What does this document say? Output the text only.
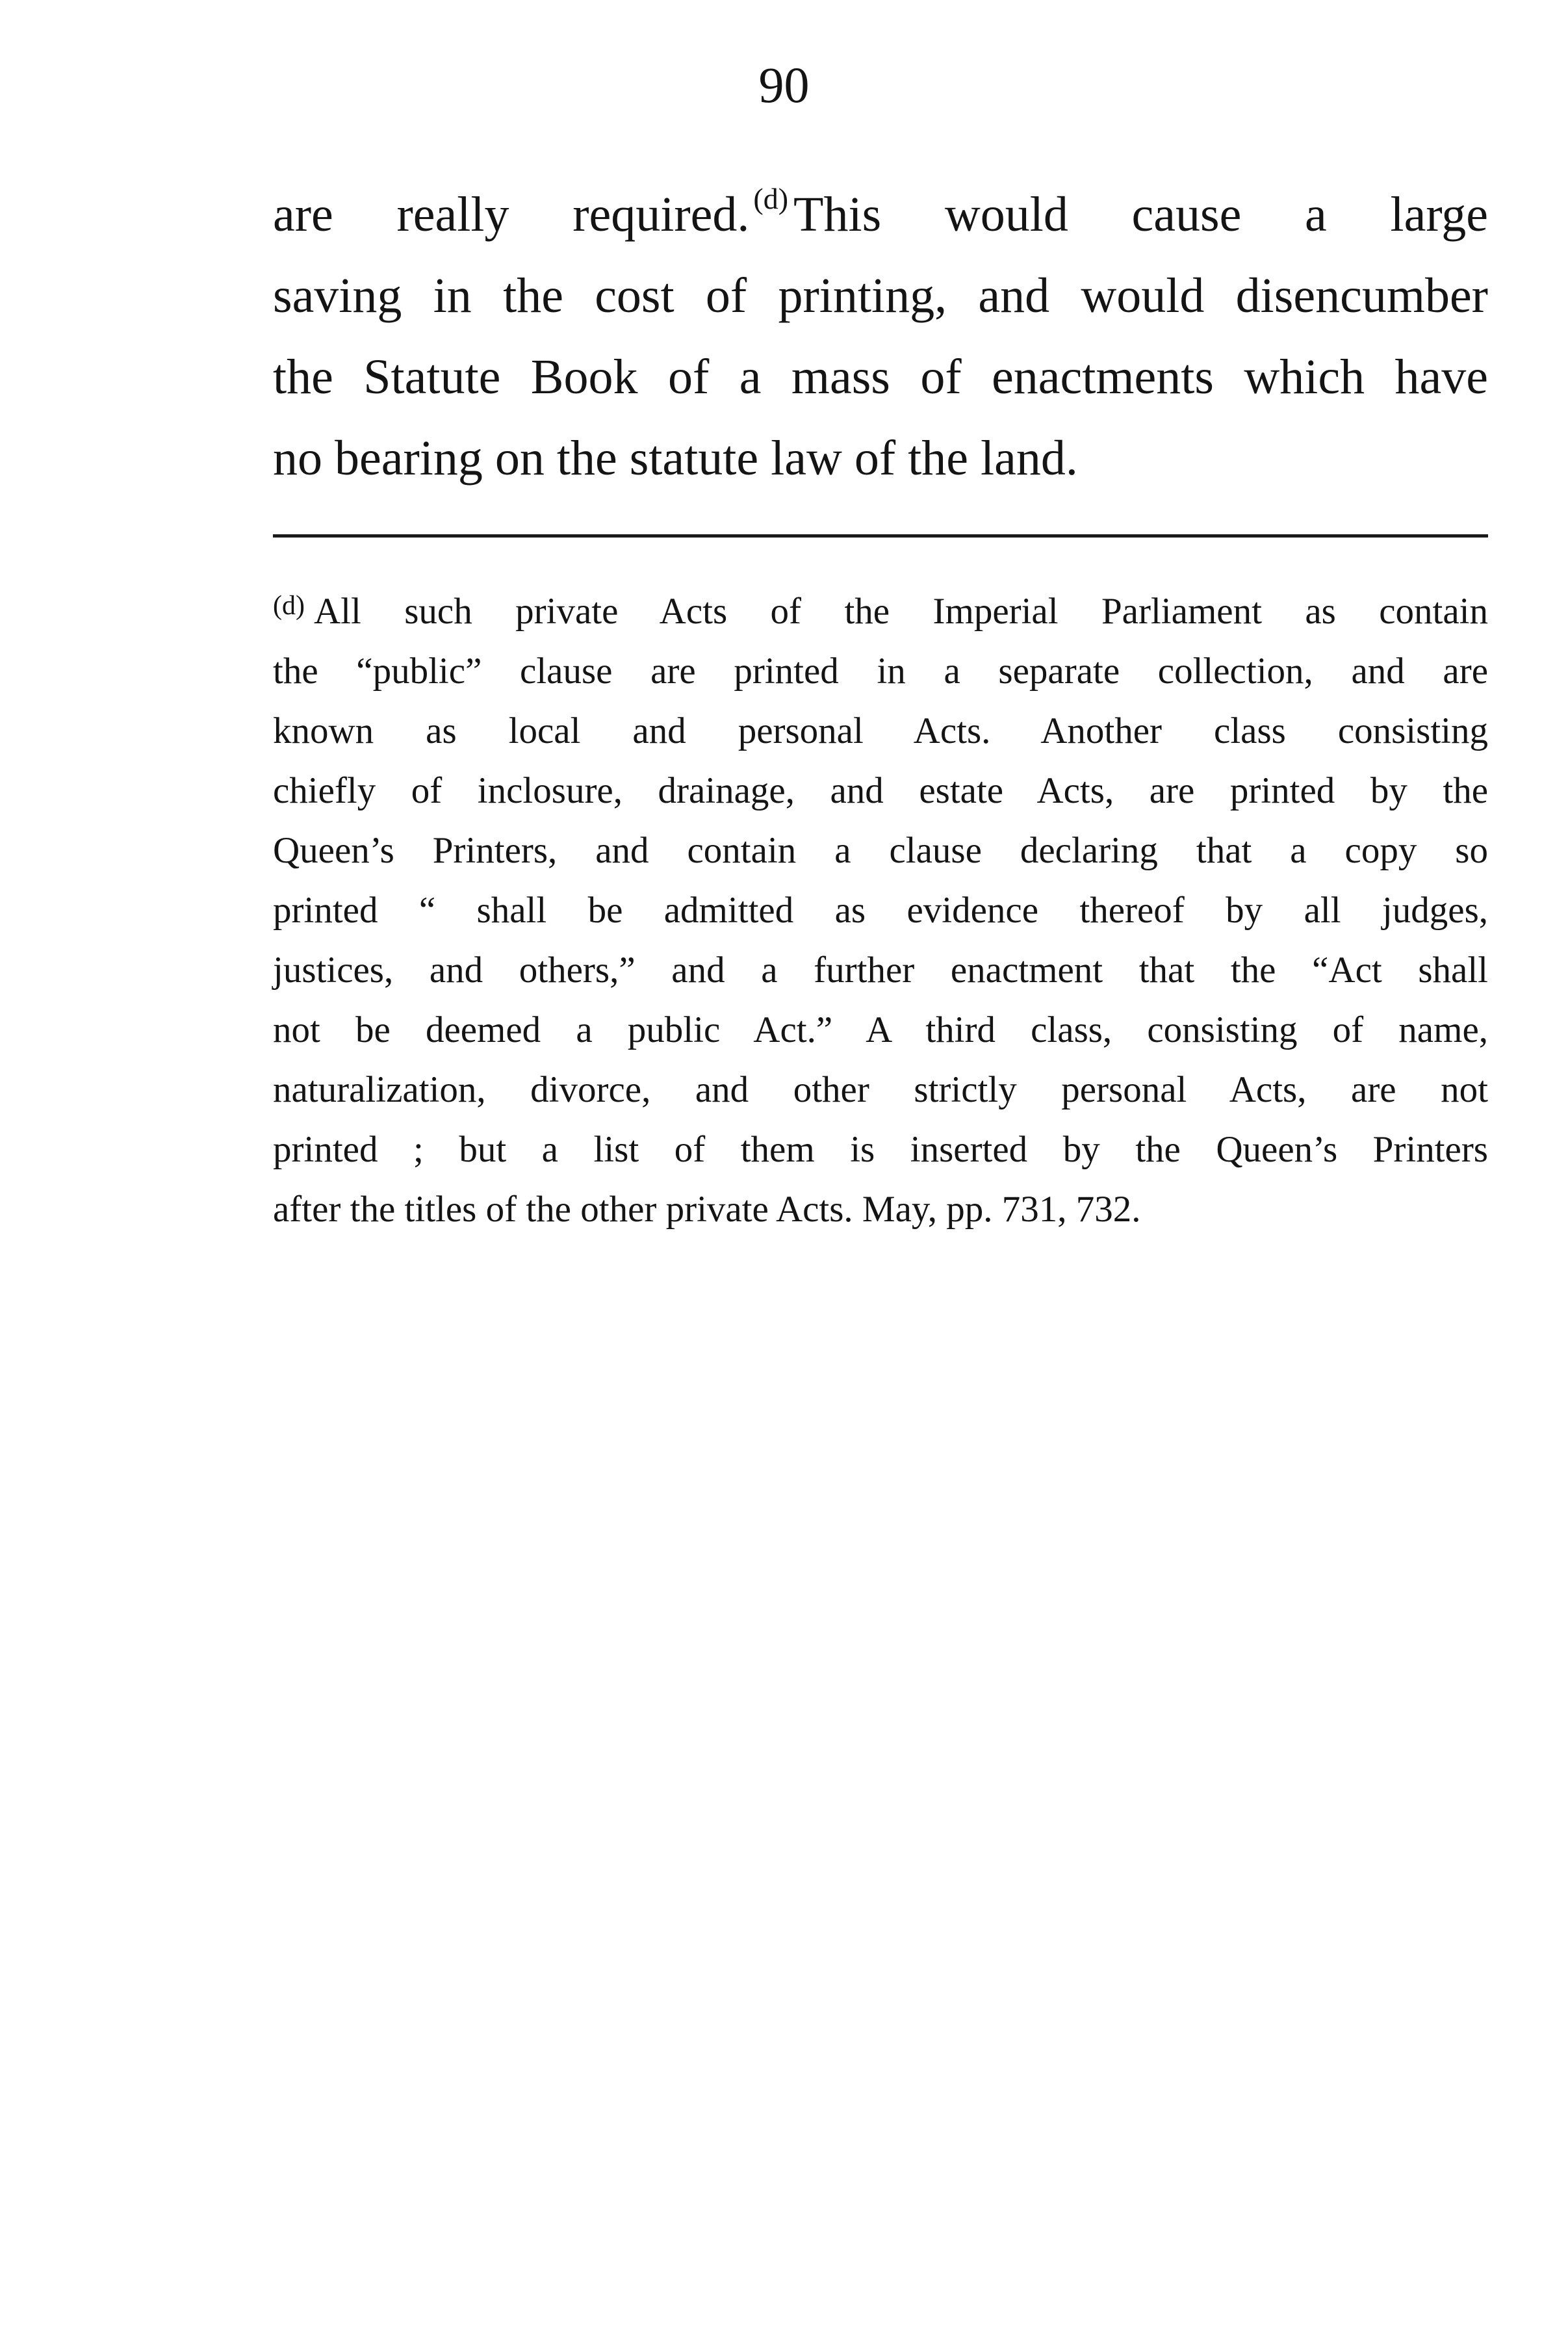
90
are really required. $^{(d)}$ This would cause a large
saving in the cost of printing, and would disencumber
the Statute Book of a mass of enactments which have
no bearing on the statute law of the land.
$^{(d)}$ All such private Acts of the Imperial Parliament as contain
the “public” clause are printed in a separate collection, and are
known as local and personal Acts. Another class consisting
chiefly of inclosure, drainage, and estate Acts, are printed by the
Queen’s Printers, and contain a clause declaring that a copy so
printed “ shall be admitted as evidence thereof by all judges,
justices, and others,” and a further enactment that the “Act shall
not be deemed a public Act.” A third class, consisting of name,
naturalization, divorce, and other strictly personal Acts, are not
printed ; but a list of them is inserted by the Queen’s Printers
after the titles of the other private Acts. May, pp. 731, 732.
